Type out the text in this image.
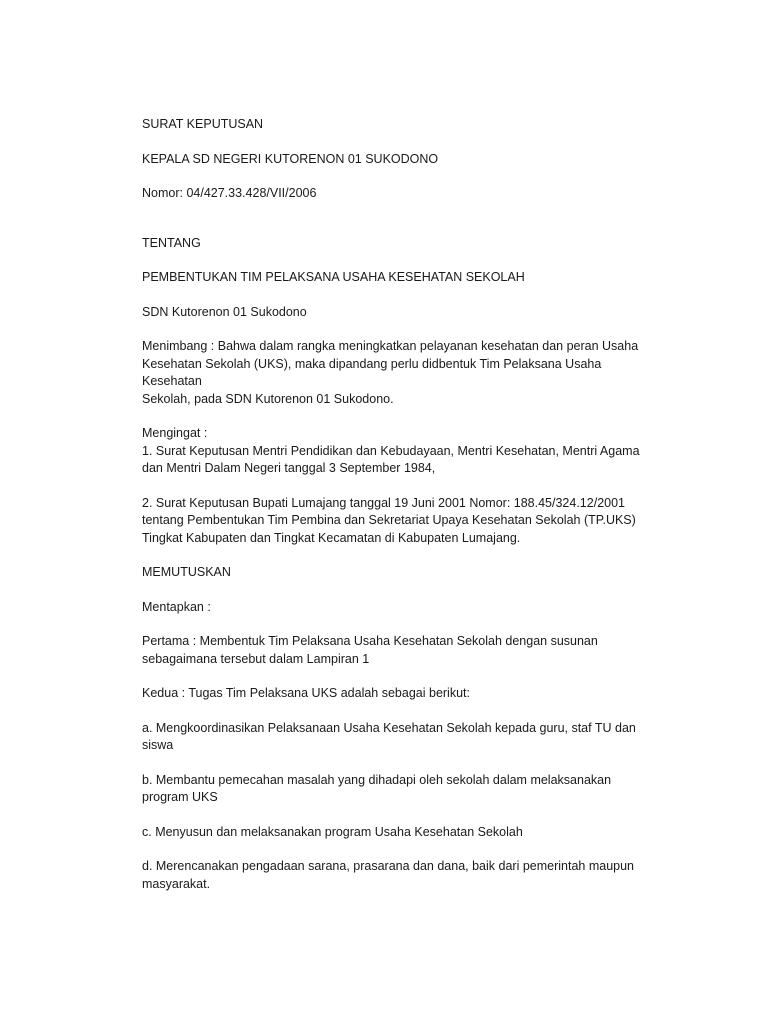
SURAT KEPUTUSAN

KEPALA SD NEGERI KUTORENON 01 SUKODONO

Nomor: 04/427.33.428/VII/2006

TENTANG

PEMBENTUKAN TIM PELAKSANA USAHA KESEHATAN SEKOLAH

SDN Kutorenon 01 Sukodono

Menimbang : Bahwa dalam rangka meningkatkan pelayanan kesehatan dan peran Usaha
Kesehatan Sekolah (UKS), maka dipandang perlu didbentuk Tim Pelaksana Usaha Kesehatan
Sekolah, pada SDN Kutorenon 01 Sukodono.

Mengingat :

1. Surat Keputusan Mentri Pendidikan dan Kebudayaan, Mentri Kesehatan, Mentri Agama
dan Mentri Dalam Negeri tanggal 3 September 1984,

2. Surat Keputusan Bupati Lumajang tanggal 19 Juni 2001 Nomor: 188.45/324.12/2001
tentang Pembentukan Tim Pembina dan Sekretariat Upaya Kesehatan Sekolah (TP.UKS)
Tingkat Kabupaten dan Tingkat Kecamatan di Kabupaten Lumajang.

MEMUTUSKAN

Mentapkan :

Pertama : Membentuk Tim Pelaksana Usaha Kesehatan Sekolah dengan susunan
sebagaimana tersebut dalam Lampiran 1

Kedua : Tugas Tim Pelaksana UKS adalah sebagai berikut:

a. Mengkoordinasikan Pelaksanaan Usaha Kesehatan Sekolah kepada guru, staf TU dan
siswa

b. Membantu pemecahan masalah yang dihadapi oleh sekolah dalam melaksanakan
program UKS

c. Menyusun dan melaksanakan program Usaha Kesehatan Sekolah

d. Merencanakan pengadaan sarana, prasarana dan dana, baik dari pemerintah maupun
masyarakat.
